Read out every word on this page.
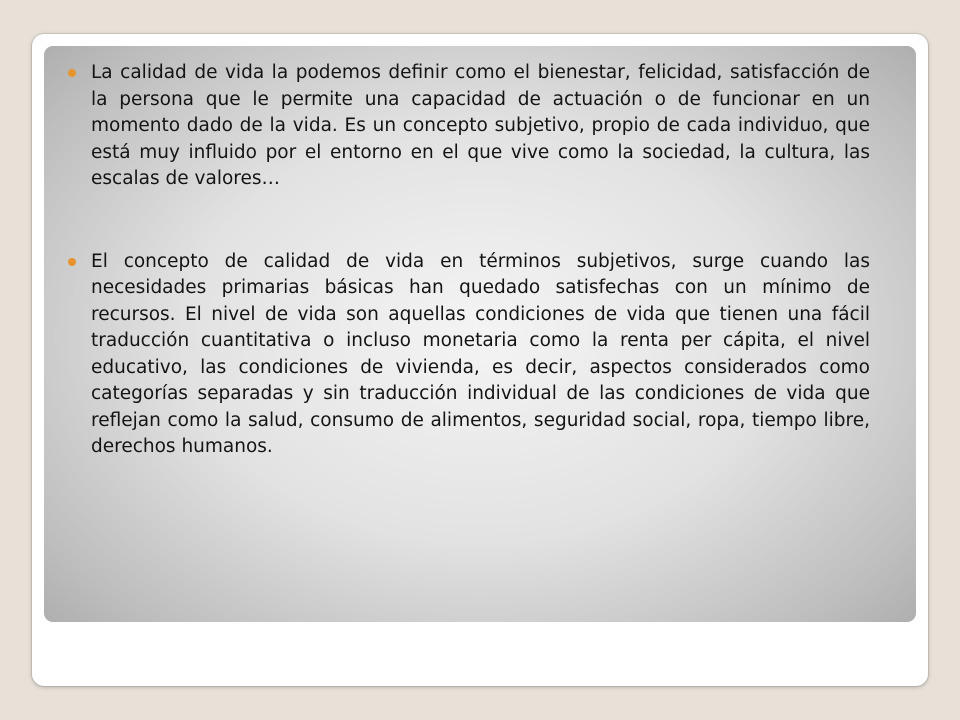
La calidad de vida la podemos definir como el bienestar, felicidad, satisfacción de la persona que le permite una capacidad de actuación o de funcionar en un momento dado de la vida. Es un concepto subjetivo, propio de cada individuo, que está muy influido por el entorno en el que vive como la sociedad, la cultura, las escalas de valores…
El concepto de calidad de vida en términos subjetivos, surge cuando las necesidades primarias básicas han quedado satisfechas con un mínimo de recursos. El nivel de vida son aquellas condiciones de vida que tienen una fácil traducción cuantitativa o incluso monetaria como la renta per cápita, el nivel educativo, las condiciones de vivienda, es decir, aspectos considerados como categorías separadas y sin traducción individual de las condiciones de vida que reflejan como la salud, consumo de alimentos, seguridad social, ropa, tiempo libre, derechos humanos.
